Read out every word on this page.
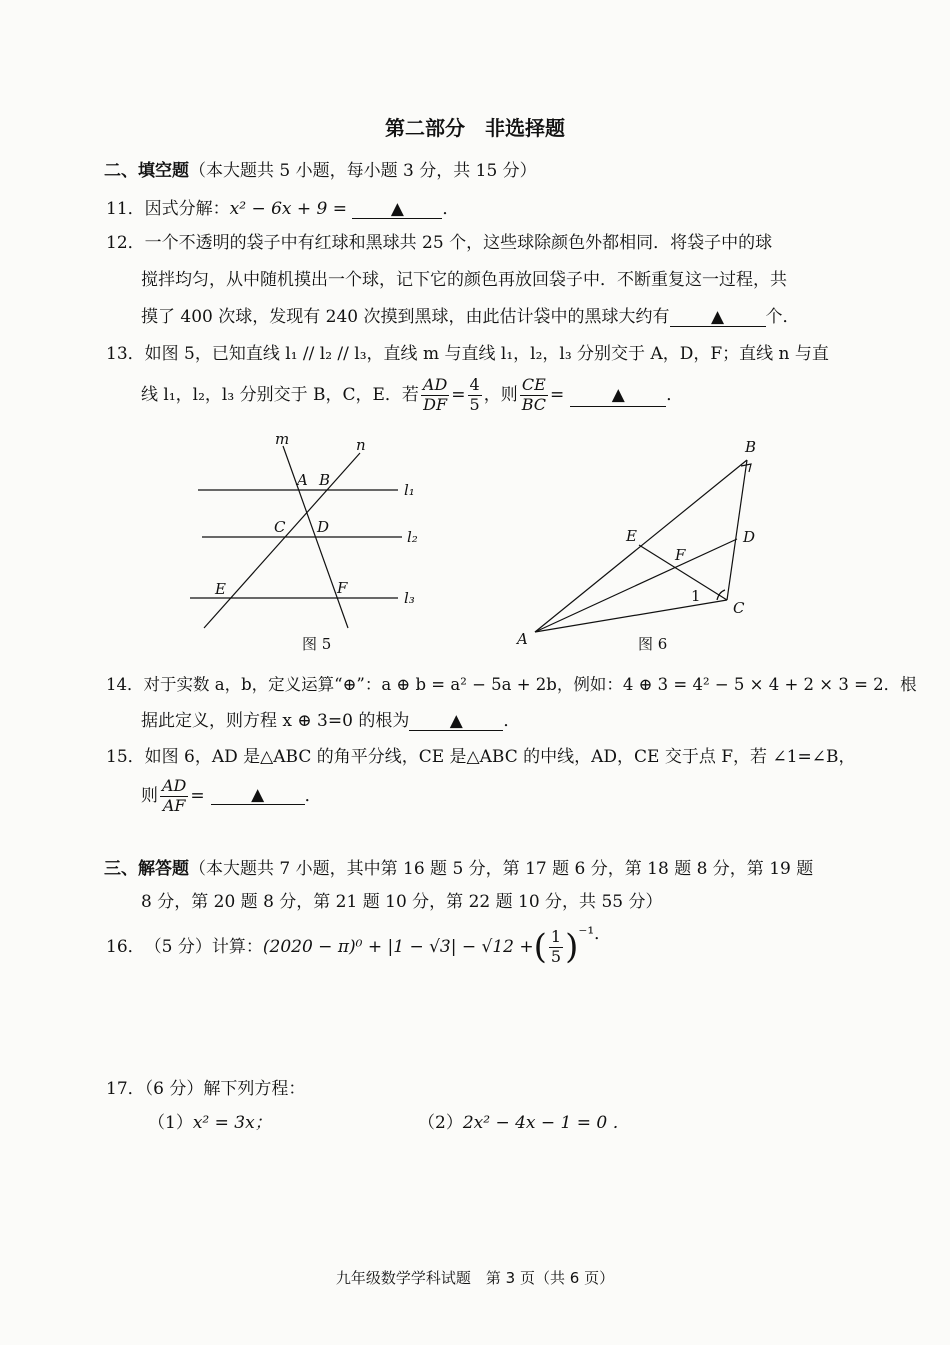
第二部分　非选择题
二、填空题（本大题共 5 小题，每小题 3 分，共 15 分）
11．因式分解：x² − 6x + 9 =	▲ ．
12．一个不透明的袋子中有红球和黑球共 25 个，这些球除颜色外都相同．将袋子中的球
搅拌均匀，从中随机摸出一个球，记下它的颜色再放回袋子中．不断重复这一过程，共
摸了 400 次球，发现有 240 次摸到黑球，由此估计袋中的黑球大约有 ▲ 个．
13．如图 5，已知直线 l₁ // l₂ // l₃，直线 m 与直线 l₁，l₂，l₃ 分别交于 A，D，F；直线 n 与直
线 l₁，l₂，l₃ 分别交于 B，C，E．若 $\frac{AD}{DF} = \frac{4}{5}$ ，则 $\frac{CE}{BC}$ =	▲	．
m	n
A B
C D
E	F
l₁
l₂
l₃
图 5
B
D
E
F
C
A
1
图 6
14．对于实数 a，b，定义运算“⊕”：a ⊕ b = a² − 5a + 2b，例如：4 ⊕ 3 = 4² − 5 × 4 + 2 × 3 = 2．根
据此定义，则方程 x ⊕ 3=0 的根为 ▲ ．
15．如图 6，AD 是△ABC 的角平分线，CE 是△ABC 的中线，AD，CE 交于点 F，若 ∠1=∠B，
则 $\frac{AD}{AF}$ =	▲	．
三、解答题（本大题共 7 小题，其中第 16 题 5 分，第 17 题 6 分，第 18 题 8 分，第 19 题
8 分，第 20 题 8 分，第 21 题 10 分，第 22 题 10 分，共 55 分）
16． （5 分）计算： (2020 − π)⁰ + |1 − √3| − √12 + ( $\frac{1}{5}$ ) ⁻¹．
17．（6 分）解下列方程：
（1）x² = 3x；	（2）2x² − 4x − 1 = 0 ．
九年级数学学科试题　第 3 页（共 6 页）
